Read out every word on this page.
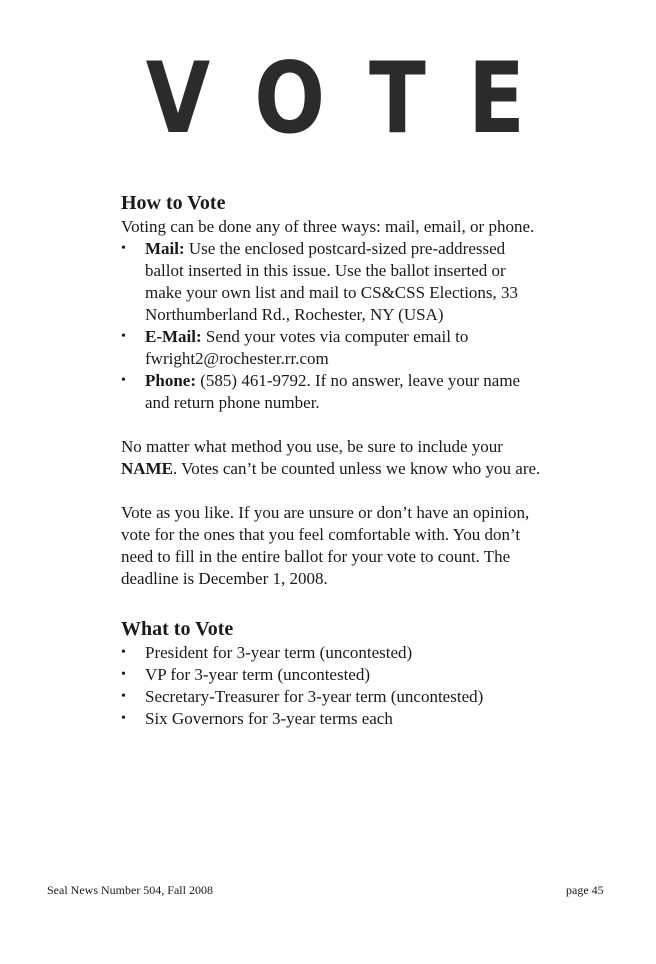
V O T E
How to Vote

Voting can be done any of three ways: mail, email, or phone.

• Mail: Use the enclosed postcard-sized pre-addressed ballot inserted in this issue. Use the ballot inserted or make your own list and mail to CS&CSS Elections, 33 Northumberland Rd., Rochester, NY (USA)
• E-Mail: Send your votes via computer email to fwright2@rochester.rr.com
• Phone: (585) 461-9792. If no answer, leave your name and return phone number.

No matter what method you use, be sure to include your NAME. Votes can’t be counted unless we know who you are.

Vote as you like. If you are unsure or don’t have an opinion, vote for the ones that you feel comfortable with. You don’t need to fill in the entire ballot for your vote to count. The deadline is December 1, 2008.

What to Vote
• President for 3-year term (uncontested)
• VP for 3-year term (uncontested)
• Secretary-Treasurer for 3-year term (uncontested)
• Six Governors for 3-year terms each
Seal News Number 504, Fall 2008	page 45
